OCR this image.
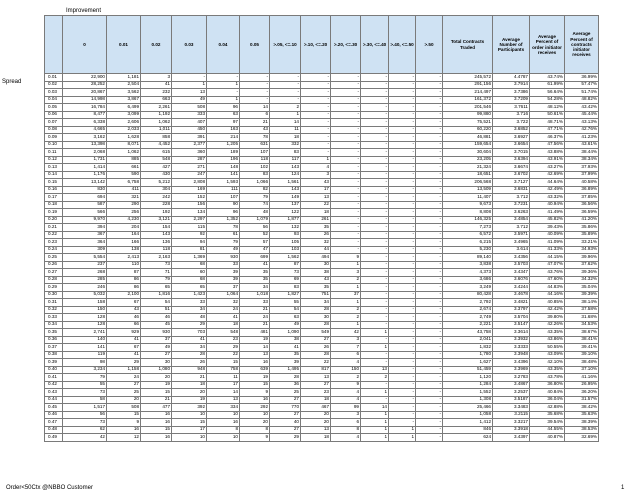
Improvement
Spread
	0	0.01	0.02	0.03	0.04	0.05	>.05, <=.10	>.10, <=.20	>.20, <=.30	>.30, <=.40	>.40, <=.50	>.50	Total Contracts Traded	Average Number of Participants	Average Percent of order initiator receives	Average Percent of contracts initiator receives
0.01	22,900	1,181	3	-	-	-	-	-	-	-	-	-	245,572	4.4787	43.74%	36.99%
0.02	28,252	2,504	41	1	1	-	-	-	-	-	-	-	291,156	3.7914	61.99%	57.47%
0.03	20,867	3,562	232	13	-	-	-	-	-	-	-	-	214,497	3.7386	56.64%	51.74%
0.04	14,998	3,867	663	49	1	-	-	-	-	-	-	-	161,372	3.7209	54.28%	48.82%
0.05	16,784	6,499	2,261	508	96	14	2	-	-	-	-	-	201,546	3.7611	48.12%	43.42%
0.06	8,477	3,099	1,192	333	63	6	1	-	-	-	-	-	99,880	3.716	50.61%	45.44%
0.07	6,338	2,606	1,062	407	97	21	14	-	-	-	-	-	75,521	3.722	48.71%	43.13%
0.08	4,665	2,033	1,011	450	163	43	11	-	-	-	-	-	60,220	3.6852	47.71%	42.76%
0.09	3,162	1,628	858	391	214	78	18	-	-	-	-	-	46,881	3.6927	46.37%	41.23%
0.10	13,398	8,071	4,452	2,377	1,205	631	332	-	-	-	-	-	159,654	3.6654	47.56%	43.61%
0.11	2,068	1,062	615	360	189	107	83	-	-	-	-	-	30,604	3.7015	43.88%	38.44%
0.12	1,731	885	548	287	196	118	117	1	-	-	-	-	23,205	3.6394	43.91%	38.34%
0.13	1,414	661	427	271	148	102	143	4	-	-	-	-	21,324	3.6674	43.27%	37.93%
0.14	1,176	590	430	247	141	83	124	3	-	-	-	-	18,651	3.6702	42.69%	37.99%
0.15	13,142	6,758	5,212	2,808	1,593	1,066	1,561	43	-	-	-	-	206,568	3.7127	44.64%	40.58%
0.16	830	411	304	169	111	82	143	17	-	-	-	-	13,509	3.6831	42.49%	36.89%
0.17	694	321	242	152	107	79	149	13	-	-	-	-	11,407	3.712	43.32%	37.85%
0.18	587	290	228	156	90	74	137	22	-	-	-	-	9,673	3.7231	40.94%	36.56%
0.19	566	256	192	134	96	48	122	18	-	-	-	-	8,808	3.6263	41.49%	36.59%
0.20	9,970	4,230	3,121	2,297	1,352	1,079	1,877	261	-	-	-	-	146,325	3.4854	45.82%	41.20%
0.21	394	204	154	115	78	56	132	35	-	-	-	-	7,273	3.712	39.43%	35.86%
0.22	367	164	143	92	61	52	93	26	-	-	-	-	6,572	3.5971	40.09%	35.89%
0.23	364	166	136	94	79	57	105	32	-	-	-	-	6,215	3.4965	41.09%	33.21%
0.24	309	138	118	81	49	47	103	44	-	-	-	-	5,230	3.614	41.33%	34.93%
0.25	5,554	2,413	2,163	1,369	930	699	1,562	494	9	-	-	-	89,140	3.4356	44.15%	39.96%
0.26	237	110	73	68	33	41	87	30	1	-	-	-	3,838	3.5703	47.07%	37.62%
0.27	268	87	71	60	39	35	73	38	3	-	-	-	4,373	3.4347	43.76%	39.36%
0.28	285	86	79	68	39	35	69	43	2	-	-	-	3,686	3.6076	47.60%	34.32%
0.29	246	86	65	65	37	34	83	35	1	-	-	-	3,249	3.4244	44.83%	35.04%
0.30	5,032	2,100	1,816	1,423	1,064	1,018	1,827	751	37	-	-	-	80,428	3.4678	44.16%	39.39%
0.31	158	67	54	33	32	33	55	34	1	-	-	-	2,792	3.4821	40.85%	38.14%
0.32	150	43	51	34	24	21	54	28	2	-	-	-	2,674	3.3797	42.42%	37.58%
0.33	128	46	46	48	41	24	63	30	2	-	-	-	2,749	3.5704	39.80%	31.68%
0.34	128	66	45	29	18	21	49	28	1	-	-	-	2,221	3.5147	42.26%	34.53%
0.35	2,741	929	930	703	548	481	1,090	549	42	1	-	-	43,758	3.3614	43.35%	38.67%
0.36	140	41	37	41	23	19	38	27	3	-	-	-	2,041	3.3932	43.86%	38.41%
0.37	141	67	49	34	29	14	41	26	7	1	-	-	1,832	3.3333	50.55%	39.41%
0.38	119	41	27	28	22	13	35	28	6	-	-	-	1,780	3.3948	43.09%	39.10%
0.39	98	29	30	26	15	16	39	22	4	-	-	-	1,627	3.4396	42.10%	38.48%
0.40	3,234	1,158	1,080	948	758	639	1,495	817	150	13	-	-	51,459	3.3969	43.35%	37.10%
0.41	79	24	20	21	11	19	28	13	2	2	-	-	1,120	3.2783	43.78%	41.16%
0.42	55	27	19	18	17	15	36	27	9	-	-	-	1,284	3.4867	36.80%	26.95%
0.43	73	25	15	20	14	9	25	23	4	1	-	-	1,552	3.2537	40.84%	36.20%
0.44	58	20	21	19	13	16	27	18	4	-	-	-	1,308	3.5187	36.04%	31.57%
0.45	1,517	508	477	392	334	292	770	467	99	14	-	-	25,466	3.3483	42.88%	38.42%
0.46	56	15	16	10	10	10	27	20	3	1	-	-	1,058	3.2115	35.68%	35.63%
0.47	73	9	16	15	16	20	40	20	6	1	-	-	1,412	3.3217	39.54%	38.39%
0.48	62	16	15	17	8	8	27	13	8	1	1	-	846	3.3918	44.55%	38.53%
0.49	42	12	16	10	10	9	29	18	4	1	1	-	624	3.4397	40.87%	32.69%
Order<50Ctx @NBBO Customer	1
